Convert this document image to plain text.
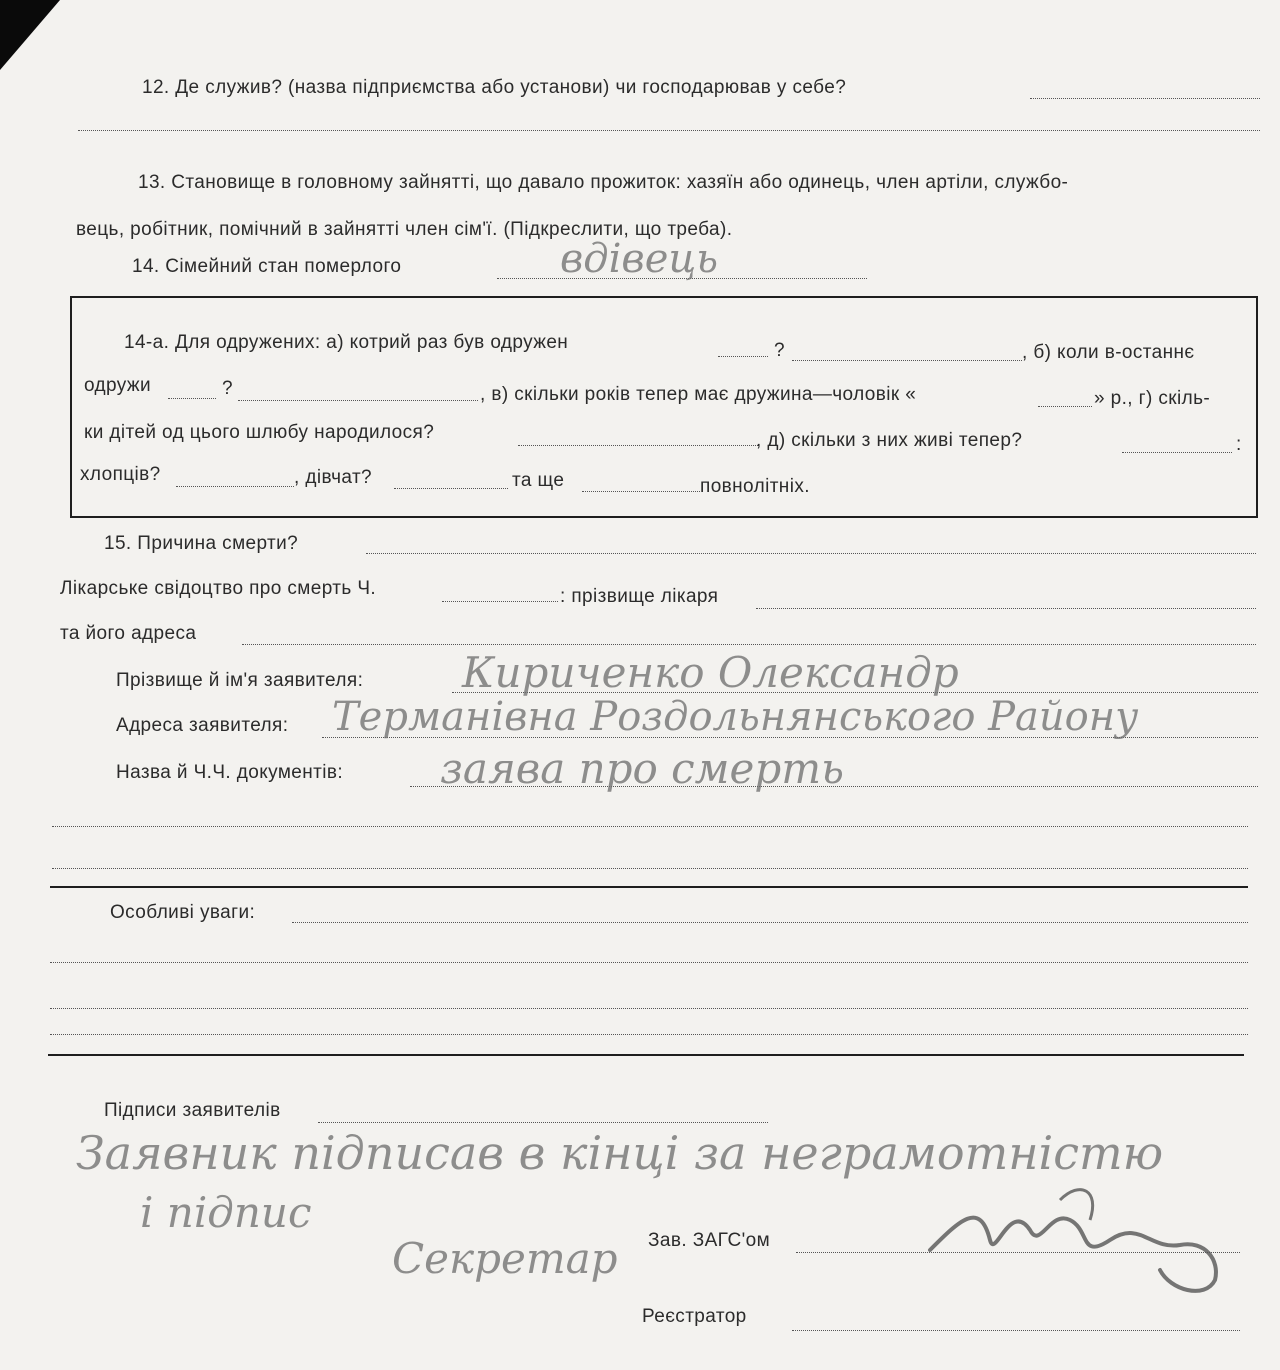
12. Де служив? (назва підприємства або установи) чи господарював у себе?
13. Становище в головному зайнятті, що давало прожиток: хазяїн або одинець, член артіли, службо-
вець, робітник, помічний в зайнятті член сім'ї. (Підкреслити, що треба).
14. Сімейний стан померлого	вдівець
14-а. Для одружених: а) котрий раз був одружен	?	, б) коли в-останнє
одружи	?	, в) скільки років тепер має дружина—чоловік «	» р., г) скіль-
ки дітей од цього шлюбу народилося?	, д) скільки з них живі тепер?	:
хлопців?	, дівчат?	та ще	повнолітніх.
15. Причина смерти?
Лікарське свідоцтво про смерть Ч.	: прізвище лікаря
та його адреса
Прізвище й ім'я заявителя: Кириченко Олександр
Адреса заявителя: Терманівна Роздольнянського Району
Назва й Ч.Ч. документів: заява про смерть
Особливі уваги:
Підписи заявителів
Заявник підписав в кінці за неграмотністю
і підпис
Зав. ЗАГС'ом
Секретар
Реєстратор
